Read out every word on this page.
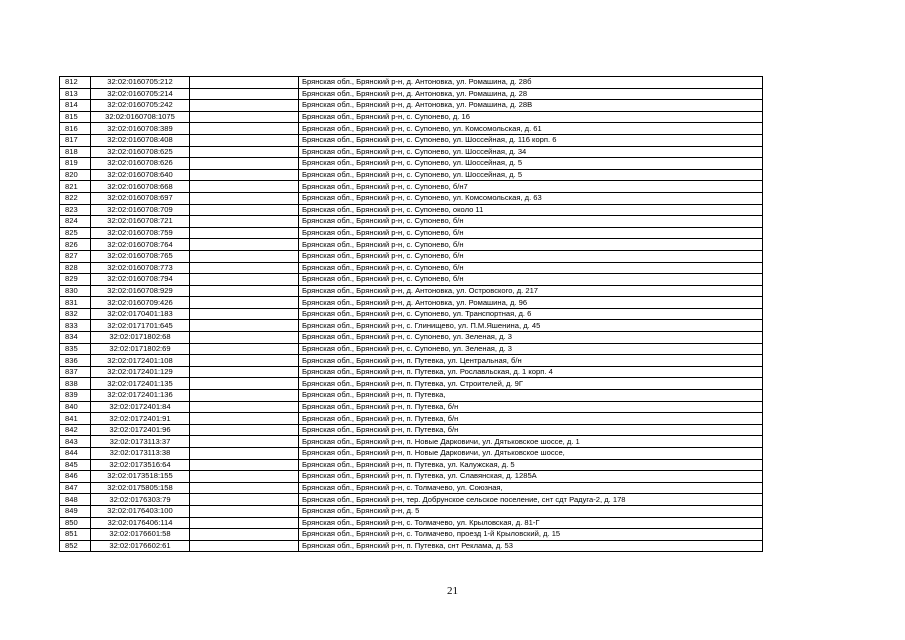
812	32:02:0160705:212		Брянская обл., Брянский р-н, д. Антоновка, ул. Ромашина, д. 28б
813	32:02:0160705:214		Брянская обл., Брянский р-н, д. Антоновка, ул. Ромашина, д. 28
814	32:02:0160705:242		Брянская обл., Брянский р-н, д. Антоновка, ул. Ромашина, д. 28В
815	32:02:0160708:1075		Брянская обл., Брянский р-н, с. Супонево, д. 16
816	32:02:0160708:389		Брянская обл., Брянский р-н, с. Супонево, ул. Комсомольская, д. 61
817	32:02:0160708:408		Брянская обл., Брянский р-н, с. Супонево, ул. Шоссейная, д. 116 корп. 6
818	32:02:0160708:625		Брянская обл., Брянский р-н, с. Супонево, ул. Шоссейная, д. 34
819	32:02:0160708:626		Брянская обл., Брянский р-н, с. Супонево, ул. Шоссейная, д. 5
820	32:02:0160708:640		Брянская обл., Брянский р-н, с. Супонево, ул. Шоссейная, д. 5
821	32:02:0160708:668		Брянская обл., Брянский р-н, с. Супонево, б/н7
822	32:02:0160708:697		Брянская обл., Брянский р-н, с. Супонево, ул. Комсомольская, д. 63
823	32:02:0160708:709		Брянская обл., Брянский р-н, с. Супонево, около 11
824	32:02:0160708:721		Брянская обл., Брянский р-н, с. Супонево, б/н
825	32:02:0160708:759		Брянская обл., Брянский р-н, с. Супонево, б/н
826	32:02:0160708:764		Брянская обл., Брянский р-н, с. Супонево, б/н
827	32:02:0160708:765		Брянская обл., Брянский р-н, с. Супонево, б/н
828	32:02:0160708:773		Брянская обл., Брянский р-н, с. Супонево, б/н
829	32:02:0160708:794		Брянская обл., Брянский р-н, с. Супонево, б/н
830	32:02:0160708:929		Брянская обл., Брянский р-н, д. Антоновка, ул. Островского, д. 217
831	32:02:0160709:426		Брянская обл., Брянский р-н, д. Антоновка, ул. Ромашина, д. 96
832	32:02:0170401:183		Брянская обл., Брянский р-н, с. Супонево, ул. Транспортная, д. 6
833	32:02:0171701:645		Брянская обл., Брянский р-н, с. Глинищево, ул. П.М.Яшенина, д. 45
834	32:02:0171802:68		Брянская обл., Брянский р-н, с. Супонево, ул. Зеленая, д. 3
835	32:02:0171802:69		Брянская обл., Брянский р-н, с. Супонево, ул. Зеленая, д. 3
836	32:02:0172401:108		Брянская обл., Брянский р-н, п. Путевка, ул. Центральная, б/н
837	32:02:0172401:129		Брянская обл., Брянский р-н, п. Путевка, ул. Рославльская, д. 1 корп. 4
838	32:02:0172401:135		Брянская обл., Брянский р-н, п. Путевка, ул. Строителей, д. 9Г
839	32:02:0172401:136		Брянская обл., Брянский р-н, п. Путевка,
840	32:02:0172401:84		Брянская обл., Брянский р-н, п. Путевка, б/н
841	32:02:0172401:91		Брянская обл., Брянский р-н, п. Путевка, б/н
842	32:02:0172401:96		Брянская обл., Брянский р-н, п. Путевка, б/н
843	32:02:0173113:37		Брянская обл., Брянский р-н, п. Новые Дарковичи, ул. Дятьковское шоссе, д. 1
844	32:02:0173113:38		Брянская обл., Брянский р-н, п. Новые Дарковичи, ул. Дятьковское шоссе,
845	32:02:0173516:64		Брянская обл., Брянский р-н, п. Путевка, ул. Калужская, д. 5
846	32:02:0173518:155		Брянская обл., Брянский р-н, п. Путевка, ул. Славянская, д. 1285А
847	32:02:0175805:158		Брянская обл., Брянский р-н, с. Толмачево, ул. Союзная,
848	32:02:0176303:79		Брянская обл., Брянский р-н, тер. Добрунское сельское поселение, снт сдт Радуга-2, д. 178
849	32:02:0176403:100		Брянская обл., Брянский р-н, д. 5
850	32:02:0176406:114		Брянская обл., Брянский р-н, с. Толмачево, ул. Крыловская, д. 81-Г
851	32:02:0176601:58		Брянская обл., Брянский р-н, с. Толмачево, проезд 1-й Крыловский, д. 15
852	32:02:0176602:61		Брянская обл., Брянский р-н, п. Путевка, снт Реклама, д. 53
21
